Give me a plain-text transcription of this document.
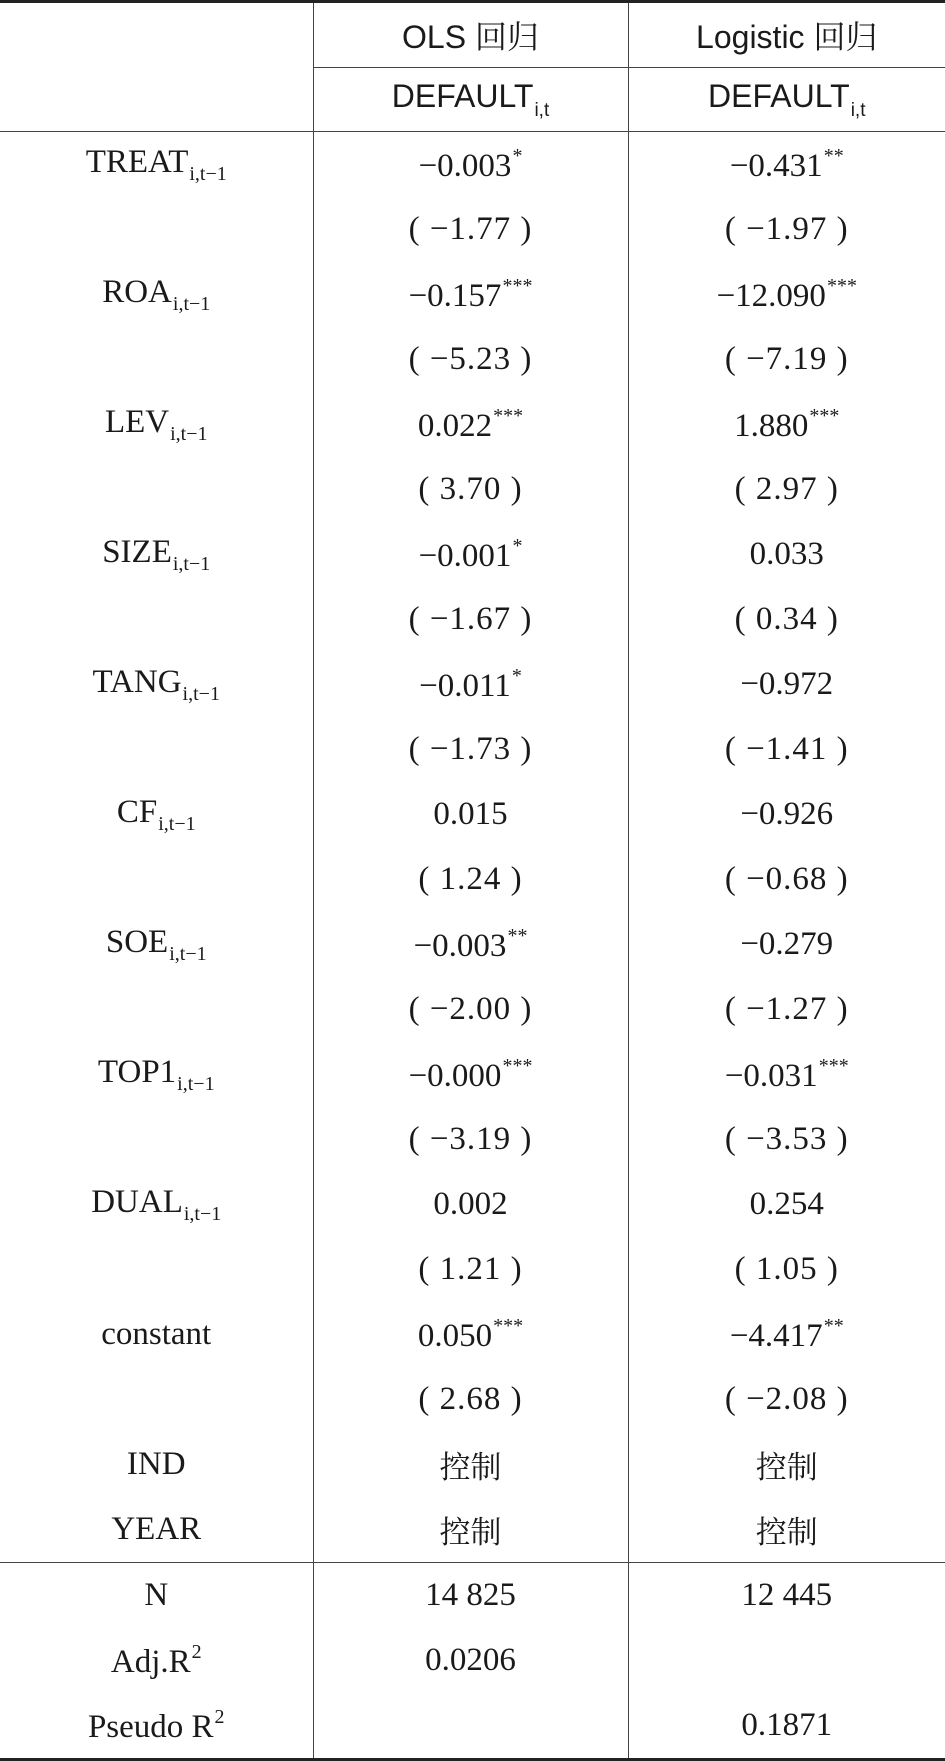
	OLS 回归	Logistic 回归
	$DEFAULT_{i,t}$	$DEFAULT_{i,t}$
$TREAT_{i,t-1}$	−0.003*	−0.431**
	( −1.77 )	( −1.97 )
$ROA_{i,t-1}$	−0.157***	−12.090***
	( −5.23 )	( −7.19 )
$LEV_{i,t-1}$	0.022***	1.880***
	( 3.70 )	( 2.97 )
$SIZE_{i,t-1}$	−0.001*	0.033
	( −1.67 )	( 0.34 )
$TANG_{i,t-1}$	−0.011*	−0.972
	( −1.73 )	( −1.41 )
$CF_{i,t-1}$	0.015	−0.926
	( 1.24 )	( −0.68 )
$SOE_{i,t-1}$	−0.003**	−0.279
	( −2.00 )	( −1.27 )
$TOP1_{i,t-1}$	−0.000***	−0.031***
	( −3.19 )	( −3.53 )
$DUAL_{i,t-1}$	0.002	0.254
	( 1.21 )	( 1.05 )
constant	0.050***	−4.417**
	( 2.68 )	( −2.08 )
IND	控制	控制
YEAR	控制	控制
N	14 825	12 445
$Adj.R^2$	0.0206	
Pseudo $R^2$		0.1871
